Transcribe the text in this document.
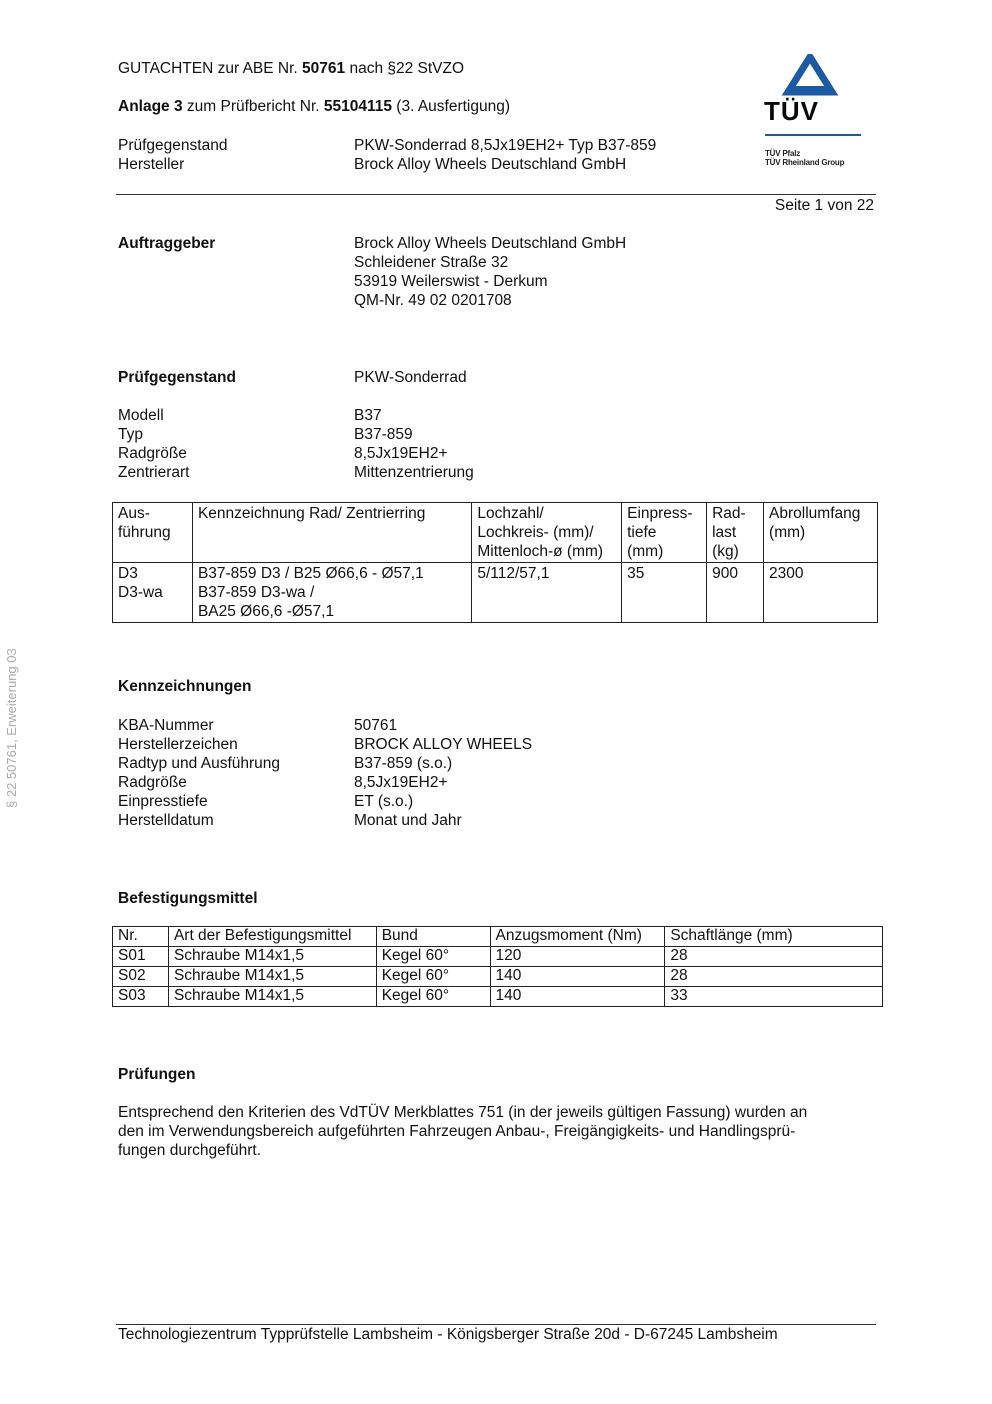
GUTACHTEN zur ABE Nr. 50761 nach §22 StVZO
Anlage 3 zum Prüfbericht Nr. 55104115 (3. Ausfertigung)
Prüfgegenstand	PKW-Sonderrad 8,5Jx19EH2+ Typ B37-859
Hersteller	Brock Alloy Wheels Deutschland GmbH
TÜV
TÜV Pfalz
TÜV Rheinland Group
Seite 1 von 22
§ 22 50761, Erweiterung 03
Auftraggeber	Brock Alloy Wheels Deutschland GmbH
Schleidener Straße 32
53919 Weilerswist - Derkum
QM-Nr. 49 02 0201708
Prüfgegenstand	PKW-Sonderrad
Modell	B37
Typ	B37-859
Radgröße	8,5Jx19EH2+
Zentrierart	Mittenzentrierung
Aus-
führung	Kennzeichnung Rad/ Zentrierring	Lochzahl/
Lochkreis- (mm)/
Mittenloch-ø (mm)	Einpress-
tiefe
(mm)	Rad-
last
(kg)	Abrollumfang
(mm)
D3
D3-wa	B37-859 D3 / B25 Ø66,6 - Ø57,1
B37-859 D3-wa /
BA25 Ø66,6 -Ø57,1	5/112/57,1	35	900	2300
Kennzeichnungen
KBA-Nummer	50761
Herstellerzeichen	BROCK ALLOY WHEELS
Radtyp und Ausführung	B37-859 (s.o.)
Radgröße	8,5Jx19EH2+
Einpresstiefe	ET (s.o.)
Herstelldatum	Monat und Jahr
Befestigungsmittel
Nr.	Art der Befestigungsmittel	Bund	Anzugsmoment (Nm)	Schaftlänge (mm)
S01	Schraube M14x1,5	Kegel 60°	120	28
S02	Schraube M14x1,5	Kegel 60°	140	28
S03	Schraube M14x1,5	Kegel 60°	140	33
Prüfungen
Entsprechend den Kriterien des VdTÜV Merkblattes 751 (in der jeweils gültigen Fassung) wurden an
den im Verwendungsbereich aufgeführten Fahrzeugen Anbau-, Freigängigkeits- und Handlingsprü-
fungen durchgeführt.
Technologiezentrum Typprüfstelle Lambsheim - Königsberger Straße 20d - D-67245 Lambsheim
